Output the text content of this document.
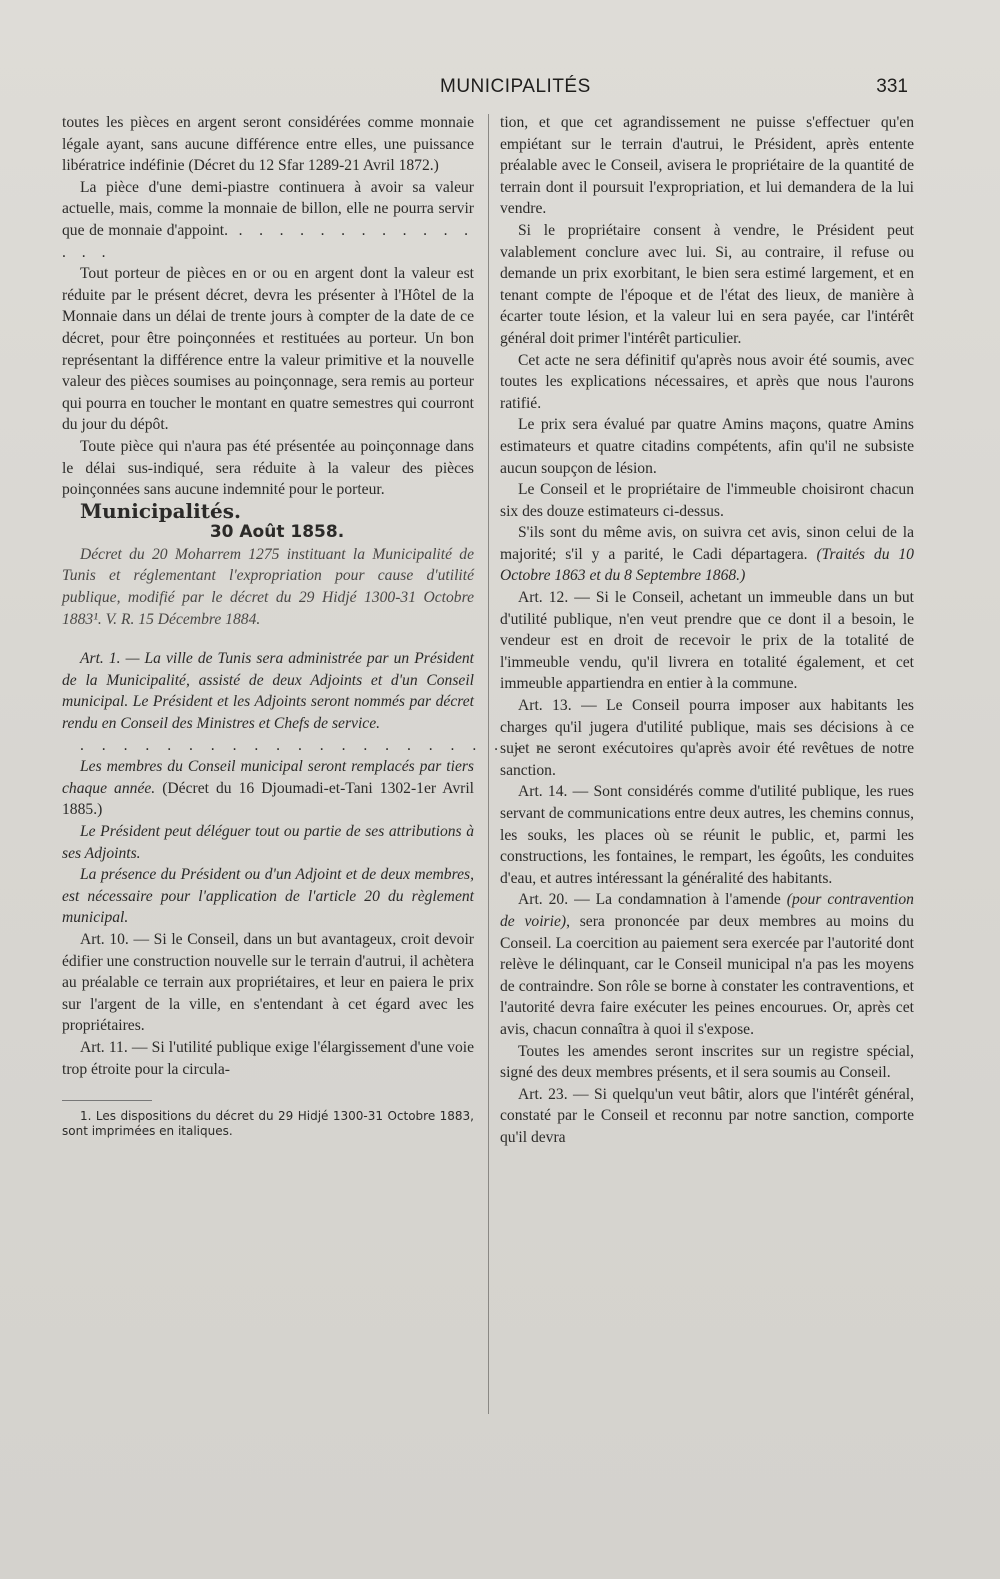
MUNICIPALITÉS	331

toutes les pièces en argent seront considérées comme monnaie légale ayant, sans aucune différence entre elles, une puissance libératrice indéfinie (Décret du 12 Sfar 1289-21 Avril 1872.)

La pièce d'une demi-piastre continuera à avoir sa valeur actuelle, mais, comme la monnaie de billon, elle ne pourra servir que de monnaie d'appoint. . . . . . . . . . . . . . . .

Tout porteur de pièces en or ou en argent dont la valeur est réduite par le présent décret, devra les présenter à l'Hôtel de la Monnaie dans un délai de trente jours à compter de la date de ce décret, pour être poinçonnées et restituées au porteur. Un bon représentant la différence entre la valeur primitive et la nouvelle valeur des pièces soumises au poinçonnage, sera remis au porteur qui pourra en toucher le montant en quatre semestres qui courront du jour du dépôt.

Toute pièce qui n'aura pas été présentée au poinçonnage dans le délai sus-indiqué, sera réduite à la valeur des pièces poinçonnées sans aucune indemnité pour le porteur.

Municipalités.

30 Août 1858.

Décret du 20 Moharrem 1275 instituant la Municipalité de Tunis et réglementant l'expropriation pour cause d'utilité publique, modifié par le décret du 29 Hidjé 1300-31 Octobre 1883¹. V. R. 15 Décembre 1884.

Art. 1. — La ville de Tunis sera administrée par un Président de la Municipalité, assisté de deux Adjoints et d'un Conseil municipal. Le Président et les Adjoints seront nommés par décret rendu en Conseil des Ministres et Chefs de service.

. . . . . . . . . . . . . . . . . . . . . . .

Les membres du Conseil municipal seront remplacés par tiers chaque année. (Décret du 16 Djoumadi-et-Tani 1302-1er Avril 1885.)

Le Président peut déléguer tout ou partie de ses attributions à ses Adjoints.

La présence du Président ou d'un Adjoint et de deux membres, est nécessaire pour l'application de l'article 20 du règlement municipal.

Art. 10. — Si le Conseil, dans un but avantageux, croit devoir édifier une construction nouvelle sur le terrain d'autrui, il achètera au préalable ce terrain aux propriétaires, et leur en paiera le prix sur l'argent de la ville, en s'entendant à cet égard avec les propriétaires.

Art. 11. — Si l'utilité publique exige l'élargissement d'une voie trop étroite pour la circula-

1. Les dispositions du décret du 29 Hidjé 1300-31 Octobre 1883, sont imprimées en italiques.

tion, et que cet agrandissement ne puisse s'effectuer qu'en empiétant sur le terrain d'autrui, le Président, après entente préalable avec le Conseil, avisera le propriétaire de la quantité de terrain dont il poursuit l'expropriation, et lui demandera de la lui vendre.

Si le propriétaire consent à vendre, le Président peut valablement conclure avec lui. Si, au contraire, il refuse ou demande un prix exorbitant, le bien sera estimé largement, et en tenant compte de l'époque et de l'état des lieux, de manière à écarter toute lésion, et la valeur lui en sera payée, car l'intérêt général doit primer l'intérêt particulier.

Cet acte ne sera définitif qu'après nous avoir été soumis, avec toutes les explications nécessaires, et après que nous l'aurons ratifié.

Le prix sera évalué par quatre Amins maçons, quatre Amins estimateurs et quatre citadins compétents, afin qu'il ne subsiste aucun soupçon de lésion.

Le Conseil et le propriétaire de l'immeuble choisiront chacun six des douze estimateurs ci-dessus.

S'ils sont du même avis, on suivra cet avis, sinon celui de la majorité; s'il y a parité, le Cadi départagera. (Traités du 10 Octobre 1863 et du 8 Septembre 1868.)

Art. 12. — Si le Conseil, achetant un immeuble dans un but d'utilité publique, n'en veut prendre que ce dont il a besoin, le vendeur est en droit de recevoir le prix de la totalité de l'immeuble vendu, qu'il livrera en totalité également, et cet immeuble appartiendra en entier à la commune.

Art. 13. — Le Conseil pourra imposer aux habitants les charges qu'il jugera d'utilité publique, mais ses décisions à ce sujet ne seront exécutoires qu'après avoir été revêtues de notre sanction.

Art. 14. — Sont considérés comme d'utilité publique, les rues servant de communications entre deux autres, les chemins connus, les souks, les places où se réunit le public, et, parmi les constructions, les fontaines, le rempart, les égoûts, les conduites d'eau, et autres intéressant la généralité des habitants.

Art. 20. — La condamnation à l'amende (pour contravention de voirie), sera prononcée par deux membres au moins du Conseil. La coercition au paiement sera exercée par l'autorité dont relève le délinquant, car le Conseil municipal n'a pas les moyens de contraindre. Son rôle se borne à constater les contraventions, et l'autorité devra faire exécuter les peines encourues. Or, après cet avis, chacun connaîtra à quoi il s'expose.

Toutes les amendes seront inscrites sur un registre spécial, signé des deux membres présents, et il sera soumis au Conseil.

Art. 23. — Si quelqu'un veut bâtir, alors que l'intérêt général, constaté par le Conseil et reconnu par notre sanction, comporte qu'il devra
